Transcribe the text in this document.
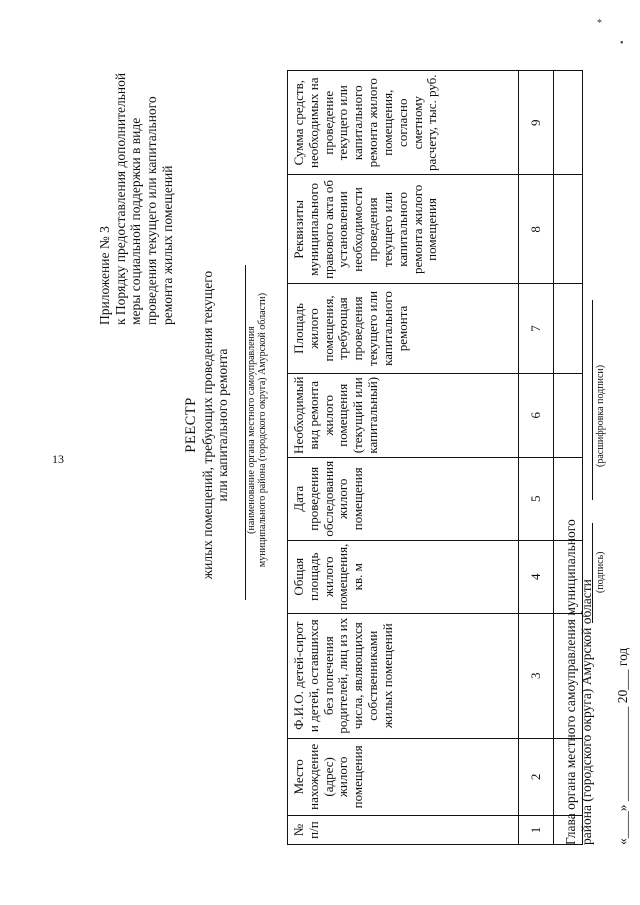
13
*
•
Приложение № 3 к Порядку предоставления дополнительной меры социальной поддержки в виде проведения текущего или капитального ремонта жилых помещений
РЕЕСТР жилых помещений, требующих проведения текущего или капитального ремонта (наименование органа местного самоуправления муниципального района (городского округа) Амурской области)
№ п/п	Место нахождение (адрес) жилого помещения	Ф.И.О. детей-сирот и детей, оставшихся без попечения родителей, лиц из их числа, являющихся собственниками жилых помещений	Общая площадь жилого помещения, кв. м	Дата проведения обследования жилого помещения	Необходимый вид ремонта жилого помещения (текущий или капитальный)	Площадь жилого помещения, требующая проведения текущего или капитального ремонта	Реквизиты муниципального правового акта об установлении необходимости проведения текущего или капитального ремонта жилого помещения	Сумма средств, необходимых на проведение текущего или капитального ремонта жилого помещения, согласно сметному расчету, тыс. руб.
1	2	3	4	5	6	7	8	9

Глава органа местного самоуправления муниципального района (городского округа) Амурской области
(подпись)
(расшифровка подписи)
«____» ______________ 20___ год
